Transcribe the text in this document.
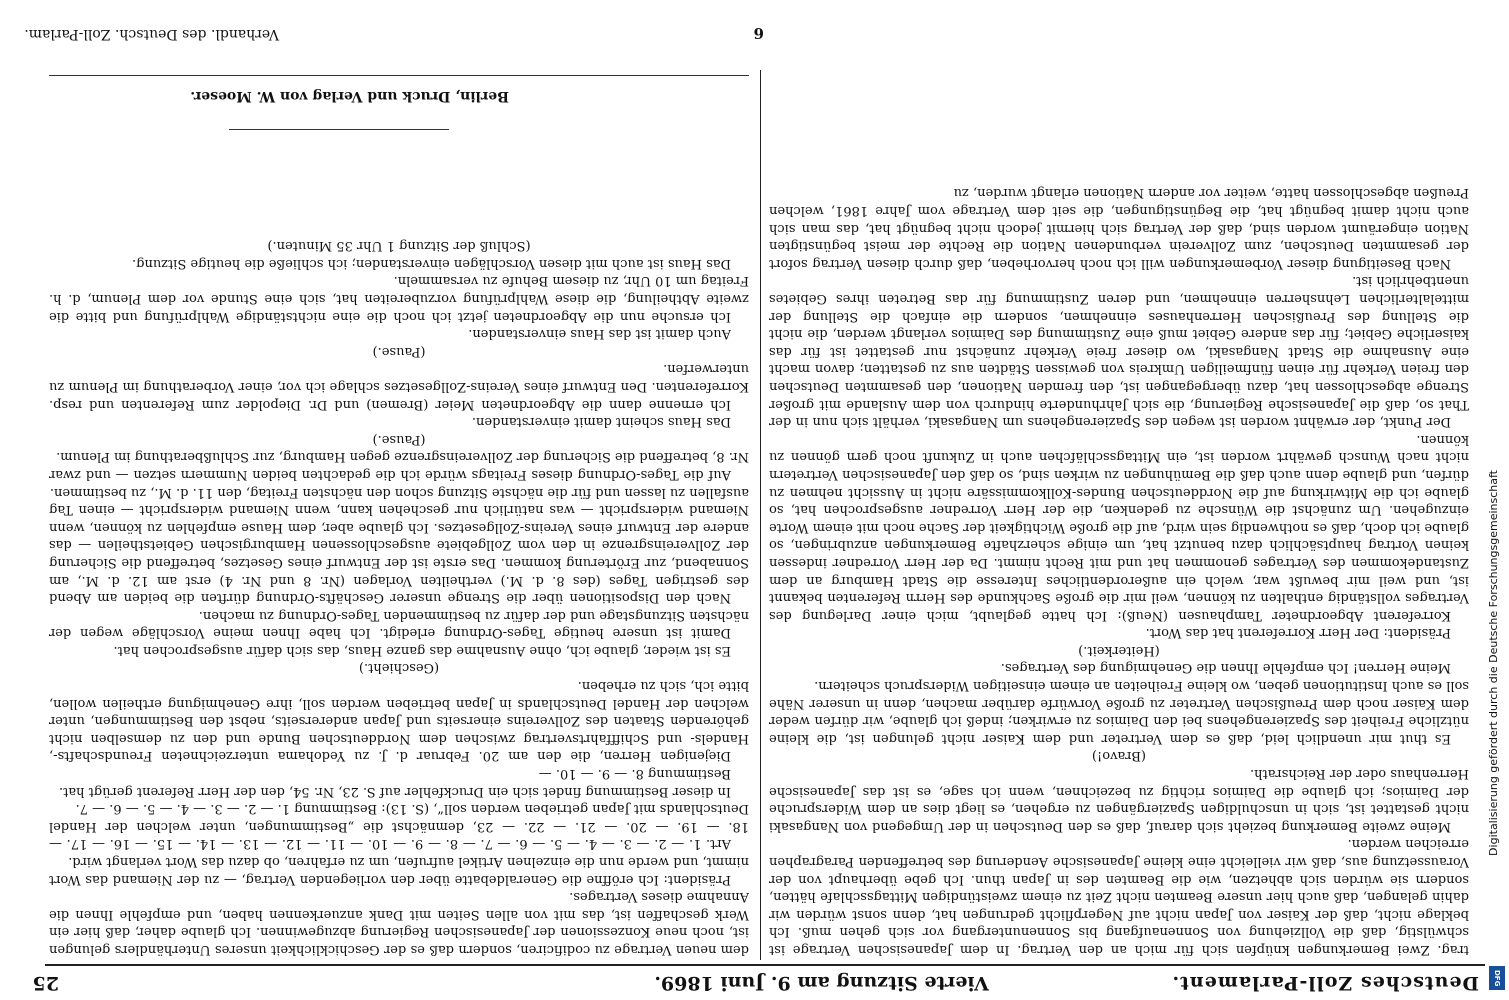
Deutsches Zoll-Parlament.
Vierte Sitzung am 9. Juni 1869.
25

trag. Zwei Bemerkungen knüpfen sich für mich an den Vertrag. In dem Japanesischen Vertrage ist schwülstig, daß die Vollziehung von Sonnenaufgang bis Sonnenuntergang vor sich gehen muß. Ich beklage nicht, daß der Kaiser von Japan nicht auf Negerpflicht gedrungen hat, denn sonst würden wir dahin gelangen, daß auch hier unsere Beamten nicht Zeit zu einem zweistündigen Mittagsschlafe hätten, sondern sie würden sich abhetzen, wie die Beamten des in Japan thun. Ich gebe überhaupt von der Voraussetzung aus, daß wir vielleicht eine kleine Japanesische Aenderung des betreffenden Paragraphen erreichen werden.

Meine zweite Bemerkung bezieht sich darauf, daß es den Deutschen in der Umgegend von Nangasaki nicht gestattet ist, sich in unschuldigen Spaziergängen zu ergehen, es liegt dies an dem Widerspruche der Daimios; ich glaube die Daimios richtig zu bezeichnen, wenn ich sage, es ist das Japanesische Herrenhaus oder der Reichsrath.

(Bravo!)

Es thut mir unendlich leid, daß es dem Vertreter und dem Kaiser nicht gelungen ist, die kleine nützliche Freiheit des Spazierengehens bei den Daimios zu erwirken; indeß ich glaube, wir dürfen weder dem Kaiser noch dem Preußischen Vertreter zu große Vorwürfe darüber machen, denn in unserer Nähe soll es auch Institutionen geben, wo kleine Freiheiten an einem einseitigen Widerspruch scheitern.

Meine Herren! Ich empfehle Ihnen die Genehmigung des Vertrages.

(Heiterkeit.)

Präsident: Der Herr Korreferent hat das Wort.

Korreferent Abgeordneter Tamphausen (Neuß): Ich hatte geglaubt, mich einer Darlegung des Vertrages vollständig enthalten zu können, weil mir die große Sachkunde des Herrn Referenten bekannt ist, und weil mir bewußt war, welch ein außerordentliches Interesse die Stadt Hamburg an dem Zustandekommen des Vertrages genommen hat und mit Recht nimmt. Da der Herr Vorredner indessen keinen Vortrag hauptsächlich dazu benutzt hat, um einige scherzhafte Bemerkungen anzubringen, so glaube ich doch, daß es nothwendig sein wird, auf die große Wichtigkeit der Sache noch mit einem Worte einzugehen. Um zunächst die Wünsche zu gedenken, die der Herr Vorredner ausgesprochen hat, so glaube ich die Mitwirkung auf die Norddeutschen Bundes-Kollkommissäre nicht in Aussicht nehmen zu dürfen, und glaube denn auch daß die Bemühungen zu wirken sind, so daß den Japanesischen Vertretern nicht nach Wunsch gewährt worden ist, ein Mittagsschläfchen auch in Zukunft noch gern gönnen zu können.

Der Punkt, der erwähnt worden ist wegen des Spazierengehens um Nangasaki, verhält sich nun in der That so, daß die Japanesische Regierung, die sich Jahrhunderte hindurch von dem Auslande mit großer Strenge abgeschlossen hat, dazu übergegangen ist, den fremden Nationen, den gesammten Deutschen den freien Verkehr für einen fünfmeiligen Umkreis von gewissen Städten aus zu gestatten; davon macht eine Ausnahme die Stadt Nangasaki, wo dieser freie Verkehr zunächst nur gestattet ist für das kaiserliche Gebiet; für das andere Gebiet muß eine Zustimmung des Daimios verlangt werden, die nicht die Stellung des Preußischen Herrenhauses einnehmen, sondern die einfach die Stellung der mittelalterlichen Lehnsherren einnehmen, und deren Zustimmung für das Betreten ihres Gebietes unentbehrlich ist.

Nach Beseitigung dieser Vorbemerkungen will ich noch hervorheben, daß durch diesen Vertrag sofort der gesammten Deutschen, zum Zollverein verbundenen Nation die Rechte der meist begünstigten Nation eingeräumt worden sind, daß der Vertrag sich hiermit jedoch nicht begnügt hat, das man sich auch nicht damit begnügt hat, die Begünstigungen, die seit dem Vertrage vom Jahre 1861, welchen Preußen abgeschlossen hatte, weiter vor andern Nationen erlangt wurden, zu

dem neuen Vertrage zu codificiren, sondern daß es der Geschicklichkeit unseres Unterhändlers gelungen ist, noch neue Konzessionen der Japanesischen Regierung abzugewinnen. Ich glaube daher, daß hier ein Werk geschaffen ist, das mit von allen Seiten mit Dank anzuerkennen haben, und empfehle Ihnen die Annahme dieses Vertrages.

Präsident: Ich eröffne die Generaldebatte über den vorliegenden Vertrag, — zu der Niemand das Wort nimmt, und werde nun die einzelnen Artikel aufrufen, um zu erfahren, ob dazu das Wort verlangt wird.

Art. 1. — 2. — 3. — 4. — 5. — 6. — 7. — 8. — 9. — 10. — 11. — 12. — 13. — 14. — 15. — 16. — 17. — 18. — 19. — 20. — 21. — 22. — 23, demnächst die „Bestimmungen, unter welchen der Handel Deutschlands mit Japan getrieben werden soll“, (S. 13): Bestimmung 1. — 2. — 3. — 4. — 5. — 6. — 7.

In dieser Bestimmung findet sich ein Druckfehler auf S. 23, Nr. 54, den der Herr Referent gerügt hat.

Bestimmung 8. — 9. — 10. —

Diejenigen Herren, die den am 20. Februar d. J. zu Yedohama unterzeichneten Freundschafts-, Handels- und Schifffahrtsvertrag zwischen dem Norddeutschen Bunde und den zu demselben nicht gehörenden Staaten des Zollvereins einerseits und Japan andererseits, nebst den Bestimmungen, unter welchen der Handel Deutschlands in Japan betrieben werden soll, ihre Genehmigung ertheilen wollen, bitte ich, sich zu erheben.

(Geschieht.)

Es ist wieder, glaube ich, ohne Ausnahme das ganze Haus, das sich dafür ausgesprochen hat.

Damit ist unsere heutige Tages-Ordnung erledigt. Ich habe Ihnen meine Vorschläge wegen der nächsten Sitzungstage und der dafür zu bestimmenden Tages-Ordnung zu machen.

Nach den Dispositionen über die Strenge unserer Geschäfts-Ordnung dürften die beiden am Abend des gestrigen Tages (des 8. d. M.) vertheilten Vorlagen (Nr. 8 und Nr. 4) erst am 12. d. M., am Sonnabend, zur Erörterung kommen. Das erste ist der Entwurf eines Gesetzes, betreffend die Sicherung der Zollvereinsgrenze in den vom Zollgebiete ausgeschlossenen Hamburgischen Gebietstheilen — das andere der Entwurf eines Vereins-Zollgesetzes. Ich glaube aber, dem Hause empfehlen zu können, wenn Niemand widerspricht — was natürlich nur geschehen kann, wenn Niemand widerspricht — einen Tag ausfallen zu lassen und für die nächste Sitzung schon den nächsten Freitag, den 11. d. M., zu bestimmen.

Auf die Tages-Ordnung dieses Freitags würde ich die gedachten beiden Nummern setzen — und zwar Nr. 8, betreffend die Sicherung der Zollvereinsgrenze gegen Hamburg, zur Schlußberathung im Plenum.

(Pause.)

Das Haus scheint damit einverstanden.

Ich ernenne dann die Abgeordneten Meier (Bremen) und Dr. Diepolder zum Referenten und resp. Korreferenten. Den Entwurf eines Vereins-Zollgesetzes schlage ich vor, einer Vorberathung im Plenum zu unterwerfen.

(Pause.)

Auch damit ist das Haus einverstanden.

Ich ersuche nun die Abgeordneten jetzt ich noch die eine nichtständige Wahlprüfung und bitte die zweite Abtheilung, die diese Wahlprüfung vorzubereiten hat, sich eine Stunde vor dem Plenum, d. h. Freitag um 10 Uhr, zu diesem Behufe zu versammeln.

Das Haus ist auch mit diesen Vorschlägen einverstanden; ich schließe die heutige Sitzung.

(Schluß der Sitzung 1 Uhr 35 Minuten.)

Berlin, Druck und Verlag von W. Moeser.
6
Verhandl. des Deutsch. Zoll-Parlam.
Digitalisierung gefördert durch die Deutsche Forschungsgemeinschaft
DFG
